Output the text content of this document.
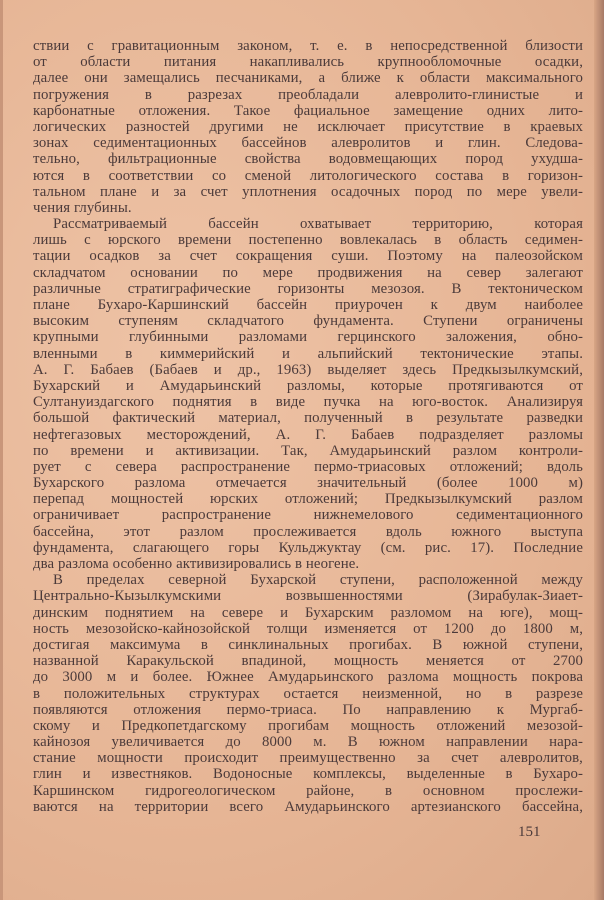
ствии с гравитационным законом, т. е. в непосредственной близости
от области питания накапливались крупнообломочные осадки,
далее они замещались песчаниками, а ближе к области максимального
погружения в разрезах преобладали алевролито-глинистые и
карбонатные отложения. Такое фациальное замещение одних лито-
логических разностей другими не исключает присутствие в краевых
зонах седиментационных бассейнов алевролитов и глин. Следова-
тельно, фильтрационные свойства водовмещающих пород ухудша-
ются в соответствии со сменой литологического состава в горизон-
тальном плане и за счет уплотнения осадочных пород по мере увели-
чения глубины.
Рассматриваемый бассейн охватывает территорию, которая
лишь с юрского времени постепенно вовлекалась в область седимен-
тации осадков за счет сокращения суши. Поэтому на палеозойском
складчатом основании по мере продвижения на север залегают
различные стратиграфические горизонты мезозоя. В тектоническом
плане Бухаро-Каршинский бассейн приурочен к двум наиболее
высоким ступеням складчатого фундамента. Ступени ограничены
крупными глубинными разломами герцинского заложения, обно-
вленными в киммерийский и альпийский тектонические этапы.
А. Г. Бабаев (Бабаев и др., 1963) выделяет здесь Предкызылкумский,
Бухарский и Амударьинский разломы, которые протягиваются от
Султануиздагского поднятия в виде пучка на юго-восток. Анализируя
большой фактический материал, полученный в результате разведки
нефтегазовых месторождений, А. Г. Бабаев подразделяет разломы
по времени и активизации. Так, Амударьинский разлом контроли-
рует с севера распространение пермо-триасовых отложений; вдоль
Бухарского разлома отмечается значительный (более 1000 м)
перепад мощностей юрских отложений; Предкызылкумский разлом
ограничивает распространение нижнемелового седиментационного
бассейна, этот разлом прослеживается вдоль южного выступа
фундамента, слагающего горы Кульджуктау (см. рис. 17). Последние
два разлома особенно активизировались в неогене.
В пределах северной Бухарской ступени, расположенной между
Центрально-Кызылкумскими возвышенностями (Зирабулак-Зиает-
динским поднятием на севере и Бухарским разломом на юге), мощ-
ность мезозойско-кайнозойской толщи изменяется от 1200 до 1800 м,
достигая максимума в синклинальных прогибах. В южной ступени,
названной Каракульской впадиной, мощность меняется от 2700
до 3000 м и более. Южнее Амударьинского разлома мощность покрова
в положительных структурах остается неизменной, но в разрезе
появляются отложения пермо-триаса. По направлению к Мургаб-
скому и Предкопетдагскому прогибам мощность отложений мезозой-
кайнозоя увеличивается до 8000 м. В южном направлении нара-
стание мощности происходит преимущественно за счет алевролитов,
глин и известняков. Водоносные комплексы, выделенные в Бухаро-
Каршинском гидрогеологическом районе, в основном прослежи-
ваются на территории всего Амударьинского артезианского бассейна,
151
